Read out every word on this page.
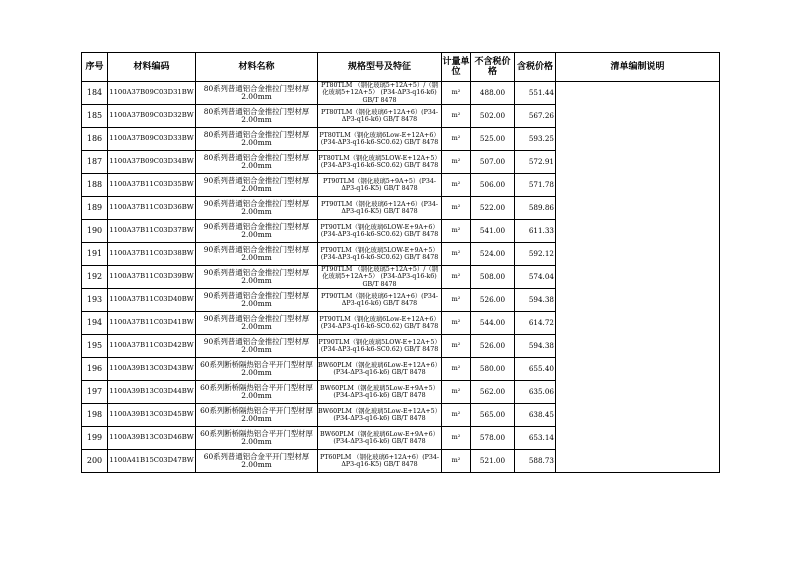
序号	材料编码	材料名称	规格型号及特征	计量单位	不含税价 格	含税价格	清单编制说明
184	1100A37B09C03D31BW	80系列普通铝合金推拉门型材厚2.00mm	PT80TLM （钢化玻璃5+12A+5）/（钢化玻璃5+12A+5） (P34-ΔP3-q16-k6) GB/T 8478	m²	488.00	551.44	
185	1100A37B09C03D32BW	80系列普通铝合金推拉门型材厚2.00mm	PT80TLM（钢化玻璃6+12A+6）(P34-ΔP3-q16-k6) GB/T 8478	m²	502.00	567.26	
186	1100A37B09C03D33BW	80系列普通铝合金推拉门型材厚2.00mm	PT80TLM（钢化玻璃6Low-E+12A+6）(P34-ΔP3-q16-k6-SC0.62) GB/T 8478	m²	525.00	593.25	
187	1100A37B09C03D34BW	80系列普通铝合金推拉门型材厚2.00mm	PT80TLM（钢化玻璃5LOW-E+12A+5）(P34-ΔP3-q16-k6-SC0.62) GB/T 8478	m²	507.00	572.91	
188	1100A37B11C03D35BW	90系列普通铝合金推拉门型材厚2.00mm	PT90TLM（钢化玻璃5+9A+5）(P34-ΔP3-q16-K5) GB/T 8478	m²	506.00	571.78	
189	1100A37B11C03D36BW	90系列普通铝合金推拉门型材厚2.00mm	PT90TLM（钢化玻璃6+12A+6）(P34-ΔP3-q16-K5) GB/T 8478	m²	522.00	589.86	
190	1100A37B11C03D37BW	90系列普通铝合金推拉门型材厚2.00mm	PT90TLM（钢化玻璃6LOW-E+9A+6）(P34-ΔP3-q16-k6-SC0.62) GB/T 8478	m²	541.00	611.33	
191	1100A37B11C03D38BW	90系列普通铝合金推拉门型材厚2.00mm	PT90TLM（钢化玻璃5LOW-E+9A+5）(P34-ΔP3-q16-k6-SC0.62) GB/T 8478	m²	524.00	592.12	
192	1100A37B11C03D39BW	90系列普通铝合金推拉门型材厚2.00mm	PT90TLM （钢化玻璃5+12A+5）/（钢化玻璃5+12A+5） (P34-ΔP3-q16-k6) GB/T 8478	m²	508.00	574.04	
193	1100A37B11C03D40BW	90系列普通铝合金推拉门型材厚2.00mm	PT90TLM（钢化玻璃6+12A+6）(P34-ΔP3-q16-k6) GB/T 8478	m²	526.00	594.38	
194	1100A37B11C03D41BW	90系列普通铝合金推拉门型材厚2.00mm	PT90TLM（钢化玻璃6Low-E+12A+6）(P34-ΔP3-q16-k6-SC0.62) GB/T 8478	m²	544.00	614.72	
195	1100A37B11C03D42BW	90系列普通铝合金推拉门型材厚2.00mm	PT90TLM（钢化玻璃5LOW-E+12A+5）(P34-ΔP3-q16-k6-SC0.62) GB/T 8478	m²	526.00	594.38	
196	1100A39B13C03D43BW	60系列断桥隔热铝合平开门型材厚2.00mm	BW60PLM（钢化玻璃6Low-E+12A+6）(P34-ΔP3-q16-k6) GB/T 8478	m²	580.00	655.40	
197	1100A39B13C03D44BW	60系列断桥隔热铝合平开门型材厚2.00mm	BW60PLM（钢化玻璃5Low-E+9A+5）(P34-ΔP3-q16-k6) GB/T 8478	m²	562.00	635.06	
198	1100A39B13C03D45BW	60系列断桥隔热铝合平开门型材厚2.00mm	BW60PLM（钢化玻璃5Low-E+12A+5）(P34-ΔP3-q16-k6) GB/T 8478	m²	565.00	638.45	
199	1100A39B13C03D46BW	60系列断桥隔热铝合平开门型材厚2.00mm	BW60PLM（钢化玻璃6Low-E+9A+6）(P34-ΔP3-q16-k6) GB/T 8478	m²	578.00	653.14	
200	1100A41B15C03D47BW	60系列普通铝合金平开门型材厚2.00mm	PT60PLM （钢化玻璃6+12A+6）(P34-ΔP3-q16-K5) GB/T 8478	m²	521.00	588.73	
